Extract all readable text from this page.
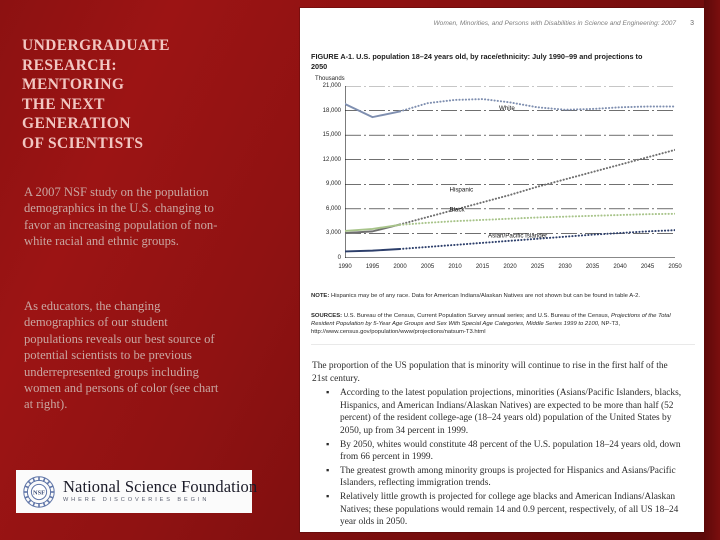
UNDERGRADUATE
RESEARCH:
MENTORING
THE NEXT
GENERATION
OF SCIENTISTS
A 2007 NSF study on the population demographics in the U.S. changing to favor an increasing population of non-white racial and ethnic groups.
As educators, the changing demographics of our student populations reveals our best source of potential scientists to be previous underrepresented groups including women and persons of color (see chart at right).
NSF National Science Foundation
WHERE DISCOVERIES BEGIN
Women, Minorities, and Persons with Disabilities in Science and Engineering: 2007 3
FIGURE A-1. U.S. population 18–24 years old, by race/ethnicity: July 1990–99 and projections to 2050
Thousands
0
3,000
6,000
9,000
12,000
15,000
18,000
21,000
White
Hispanic
Black
Asian/Pacific Islander
1990 1995 2000 2005 2010 2015 2020 2025 2030 2035 2040 2045 2050
NOTE: Hispanics may be of any race. Data for American Indians/Alaskan Natives are not shown but can be found in table A-2.
SOURCES: U.S. Bureau of the Census, Current Population Survey annual series; and U.S. Bureau of the Census, Projections of the Total Resident Population by 5-Year Age Groups and Sex With Special Age Categories, Middle Series 1999 to 2100, NP-T3, http://www.census.gov/population/www/projections/natsum-T3.html

The proportion of the US population that is minority will continue to rise in the first half of the 21st century.

▪ According to the latest population projections, minorities (Asians/Pacific Islanders, blacks, Hispanics, and American Indians/Alaskan Natives) are expected to be more than half (52 percent) of the resident college-age (18–24 years old) population of the United States by 2050, up from 34 percent in 1999.
▪ By 2050, whites would constitute 48 percent of the U.S. population 18–24 years old, down from 66 percent in 1999.
▪ The greatest growth among minority groups is projected for Hispanics and Asians/Pacific Islanders, reflecting immigration trends.
▪ Relatively little growth is projected for college age blacks and American Indians/Alaskan Natives; these populations would remain 14 and 0.9 percent, respectively, of all US 18–24 year olds in 2050.
